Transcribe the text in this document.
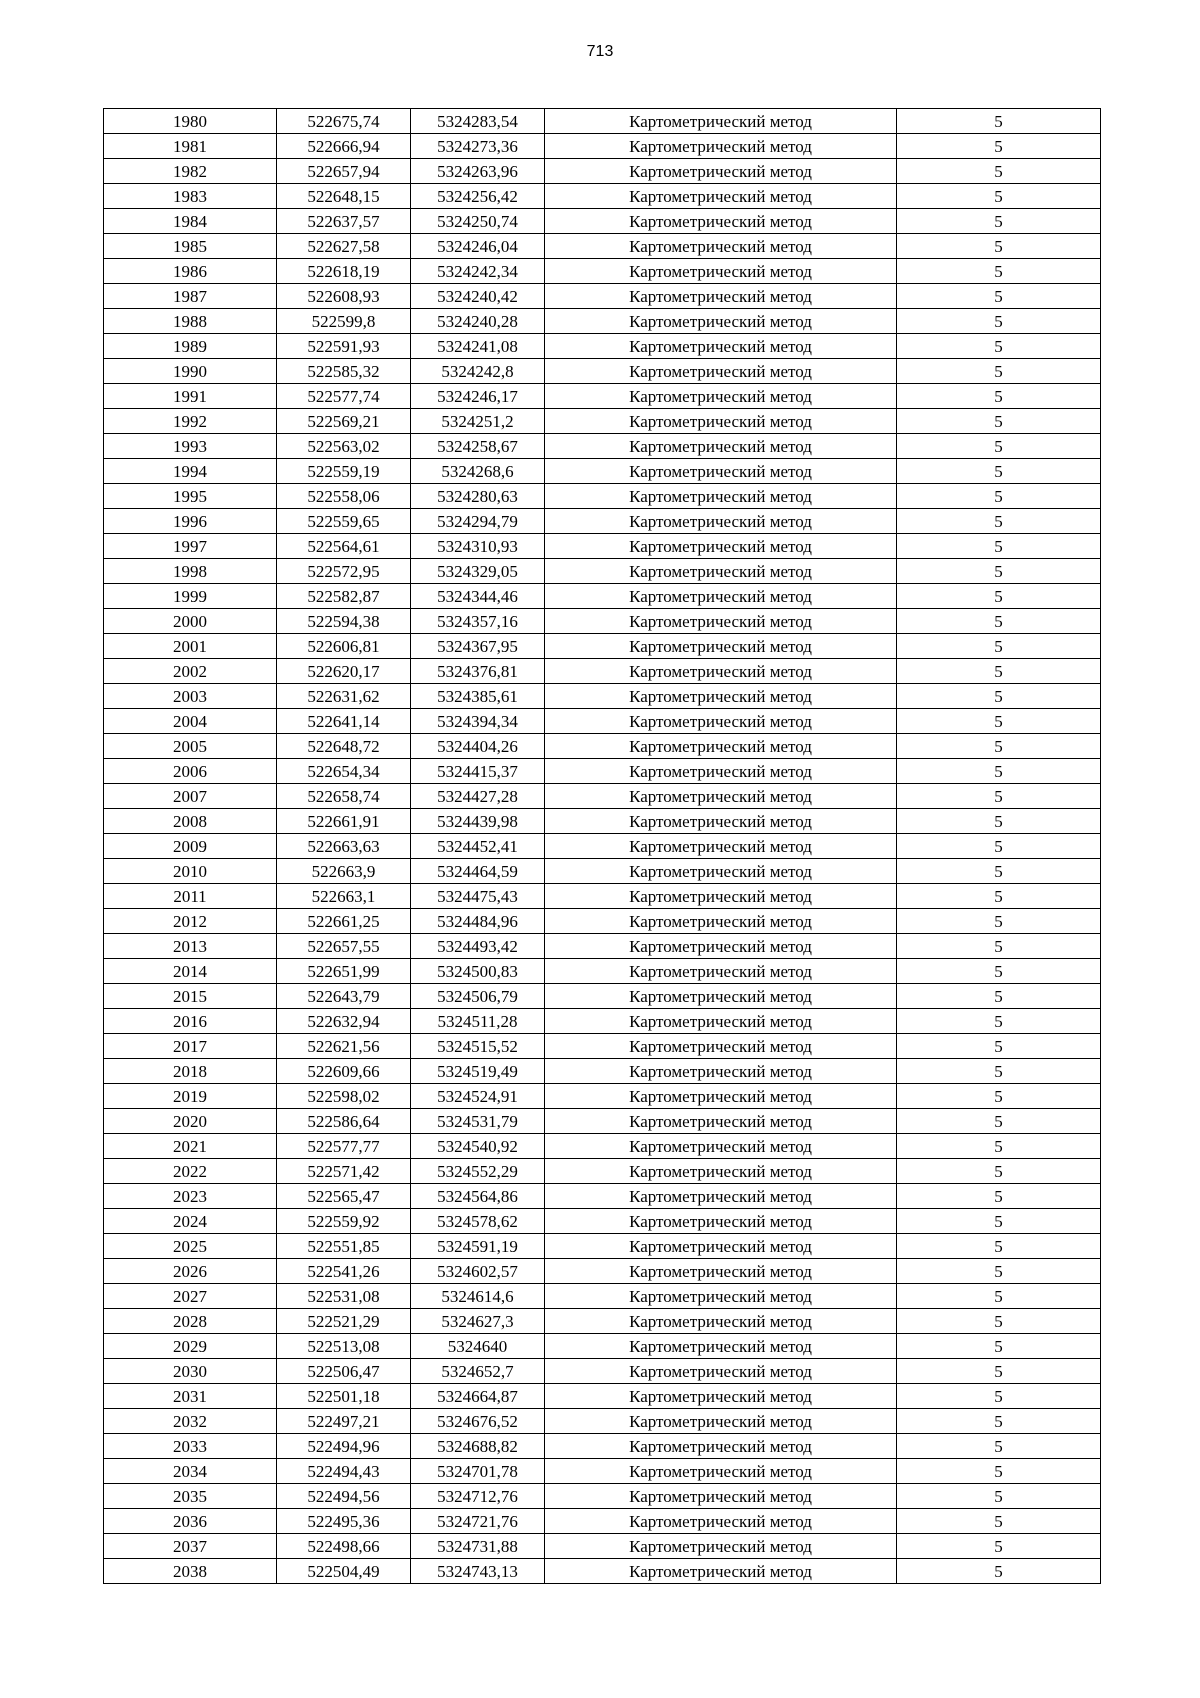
713
1980	522675,74	5324283,54	Картометрический метод	5
1981	522666,94	5324273,36	Картометрический метод	5
1982	522657,94	5324263,96	Картометрический метод	5
1983	522648,15	5324256,42	Картометрический метод	5
1984	522637,57	5324250,74	Картометрический метод	5
1985	522627,58	5324246,04	Картометрический метод	5
1986	522618,19	5324242,34	Картометрический метод	5
1987	522608,93	5324240,42	Картометрический метод	5
1988	522599,8	5324240,28	Картометрический метод	5
1989	522591,93	5324241,08	Картометрический метод	5
1990	522585,32	5324242,8	Картометрический метод	5
1991	522577,74	5324246,17	Картометрический метод	5
1992	522569,21	5324251,2	Картометрический метод	5
1993	522563,02	5324258,67	Картометрический метод	5
1994	522559,19	5324268,6	Картометрический метод	5
1995	522558,06	5324280,63	Картометрический метод	5
1996	522559,65	5324294,79	Картометрический метод	5
1997	522564,61	5324310,93	Картометрический метод	5
1998	522572,95	5324329,05	Картометрический метод	5
1999	522582,87	5324344,46	Картометрический метод	5
2000	522594,38	5324357,16	Картометрический метод	5
2001	522606,81	5324367,95	Картометрический метод	5
2002	522620,17	5324376,81	Картометрический метод	5
2003	522631,62	5324385,61	Картометрический метод	5
2004	522641,14	5324394,34	Картометрический метод	5
2005	522648,72	5324404,26	Картометрический метод	5
2006	522654,34	5324415,37	Картометрический метод	5
2007	522658,74	5324427,28	Картометрический метод	5
2008	522661,91	5324439,98	Картометрический метод	5
2009	522663,63	5324452,41	Картометрический метод	5
2010	522663,9	5324464,59	Картометрический метод	5
2011	522663,1	5324475,43	Картометрический метод	5
2012	522661,25	5324484,96	Картометрический метод	5
2013	522657,55	5324493,42	Картометрический метод	5
2014	522651,99	5324500,83	Картометрический метод	5
2015	522643,79	5324506,79	Картометрический метод	5
2016	522632,94	5324511,28	Картометрический метод	5
2017	522621,56	5324515,52	Картометрический метод	5
2018	522609,66	5324519,49	Картометрический метод	5
2019	522598,02	5324524,91	Картометрический метод	5
2020	522586,64	5324531,79	Картометрический метод	5
2021	522577,77	5324540,92	Картометрический метод	5
2022	522571,42	5324552,29	Картометрический метод	5
2023	522565,47	5324564,86	Картометрический метод	5
2024	522559,92	5324578,62	Картометрический метод	5
2025	522551,85	5324591,19	Картометрический метод	5
2026	522541,26	5324602,57	Картометрический метод	5
2027	522531,08	5324614,6	Картометрический метод	5
2028	522521,29	5324627,3	Картометрический метод	5
2029	522513,08	5324640	Картометрический метод	5
2030	522506,47	5324652,7	Картометрический метод	5
2031	522501,18	5324664,87	Картометрический метод	5
2032	522497,21	5324676,52	Картометрический метод	5
2033	522494,96	5324688,82	Картометрический метод	5
2034	522494,43	5324701,78	Картометрический метод	5
2035	522494,56	5324712,76	Картометрический метод	5
2036	522495,36	5324721,76	Картометрический метод	5
2037	522498,66	5324731,88	Картометрический метод	5
2038	522504,49	5324743,13	Картометрический метод	5
